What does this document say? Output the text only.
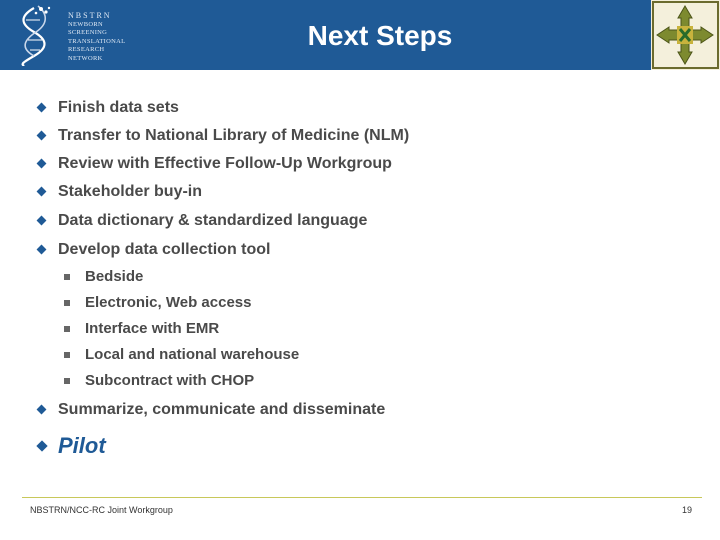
NBSTRN
NEWBORN
SCREENING
TRANSLATIONAL
RESEARCH
NETWORK
Next Steps
Finish data sets
Transfer to National Library of Medicine (NLM)
Review with Effective Follow-Up Workgroup
Stakeholder buy-in
Data dictionary & standardized language
Develop data collection tool
Bedside
Electronic, Web access
Interface with EMR
Local and national warehouse
Subcontract with CHOP
Summarize, communicate and disseminate
Pilot
NBSTRN/NCC-RC Joint Workgroup	19
